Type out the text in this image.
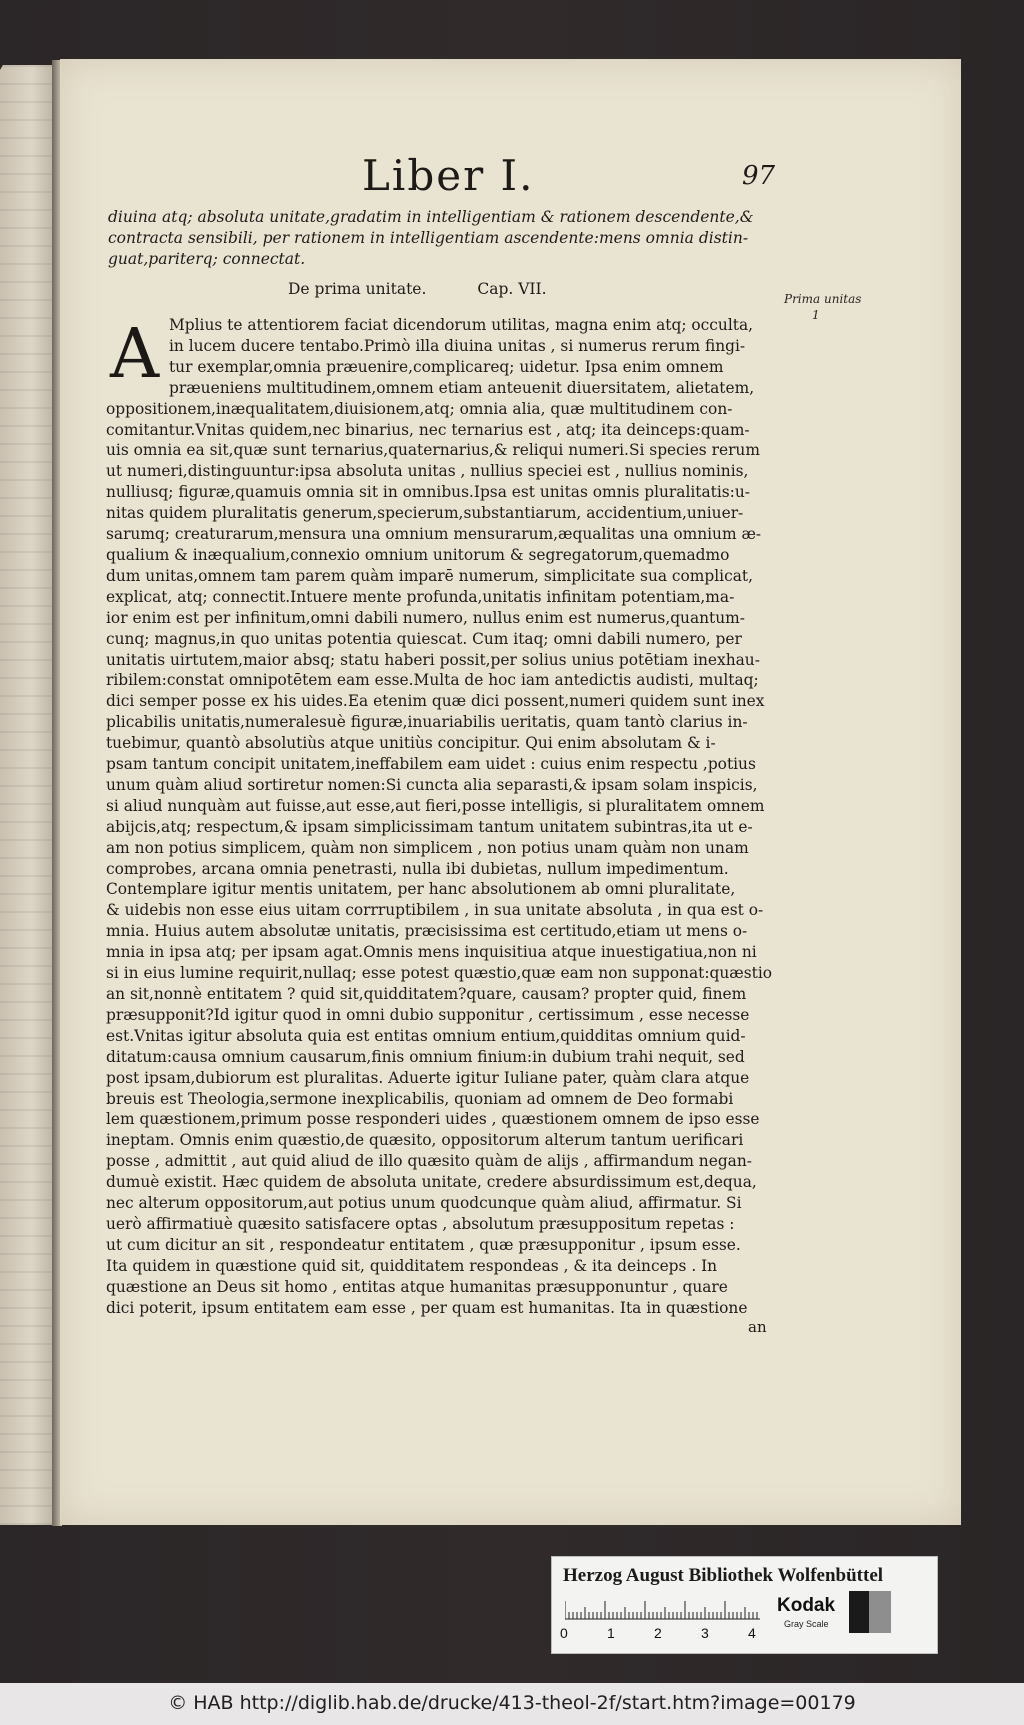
Liber I.	97
diuina atq; absoluta unitate,gradatim in intelligentiam & rationem descendente,&
contracta sensibili, per rationem in intelligentiam ascendente:mens omnia distin-
guat,pariterq; connectat.
De prima unitate.	Cap. VII.
Prima unitas
1
A Mplius te attentiorem faciat dicendorum utilitas, magna enim atq; occulta,
in lucem ducere tentabo.Primò illa diuina unitas , si numerus rerum fingi-
tur exemplar,omnia præuenire,complicareq; uidetur. Ipsa enim omnem
præueniens multitudinem,omnem etiam anteuenit diuersitatem, alietatem,
oppositionem,inæqualitatem,diuisionem,atq; omnia alia, quæ multitudinem con-
comitantur.Vnitas quidem,nec binarius, nec ternarius est , atq; ita deinceps:quam-
uis omnia ea sit,quæ sunt ternarius,quaternarius,& reliqui numeri.Si species rerum
ut numeri,distinguuntur:ipsa absoluta unitas , nullius speciei est , nullius nominis,
nulliusq; figuræ,quamuis omnia sit in omnibus.Ipsa est unitas omnis pluralitatis:u-
nitas quidem pluralitatis generum,specierum,substantiarum, accidentium,uniuer-
sarumq; creaturarum,mensura una omnium mensurarum,æqualitas una omnium æ-
qualium & inæqualium,connexio omnium unitorum & segregatorum,quemadmo
dum unitas,omnem tam parem quàm imparē numerum, simplicitate sua complicat,
explicat, atq; connectit.Intuere mente profunda,unitatis infinitam potentiam,ma-
ior enim est per infinitum,omni dabili numero, nullus enim est numerus,quantum-
cunq; magnus,in quo unitas potentia quiescat. Cum itaq; omni dabili numero, per
unitatis uirtutem,maior absq; statu haberi possit,per solius unius potētiam inexhau-
ribilem:constat omnipotētem eam esse.Multa de hoc iam antedictis audisti, multaq;
dici semper posse ex his uides.Ea etenim quæ dici possent,numeri quidem sunt inex
plicabilis unitatis,numeralesuè figuræ,inuariabilis ueritatis, quam tantò clarius in-
tuebimur, quantò absolutiùs atque unitiùs concipitur. Qui enim absolutam & i-
psam tantum concipit unitatem,ineffabilem eam uidet : cuius enim respectu ,potius
unum quàm aliud sortiretur nomen:Si cuncta alia separasti,& ipsam solam inspicis,
si aliud nunquàm aut fuisse,aut esse,aut fieri,posse intelligis, si pluralitatem omnem
abijcis,atq; respectum,& ipsam simplicissimam tantum unitatem subintras,ita ut e-
am non potius simplicem, quàm non simplicem , non potius unam quàm non unam
comprobes, arcana omnia penetrasti, nulla ibi dubietas, nullum impedimentum.
Contemplare igitur mentis unitatem, per hanc absolutionem ab omni pluralitate,
& uidebis non esse eius uitam corrruptibilem , in sua unitate absoluta , in qua est o-
mnia. Huius autem absolutæ unitatis, præcisissima est certitudo,etiam ut mens o-
mnia in ipsa atq; per ipsam agat.Omnis mens inquisitiua atque inuestigatiua,non ni
si in eius lumine requirit,nullaq; esse potest quæstio,quæ eam non supponat:quæstio
an sit,nonnè entitatem ? quid sit,quidditatem?quare, causam? propter quid, finem
præsupponit?Id igitur quod in omni dubio supponitur , certissimum , esse necesse
est.Vnitas igitur absoluta quia est entitas omnium entium,quidditas omnium quid-
ditatum:causa omnium causarum,finis omnium finium:in dubium trahi nequit, sed
post ipsam,dubiorum est pluralitas. Aduerte igitur Iuliane pater, quàm clara atque
breuis est Theologia,sermone inexplicabilis, quoniam ad omnem de Deo formabi
lem quæstionem,primum posse responderi uides , quæstionem omnem de ipso esse
ineptam. Omnis enim quæstio,de quæsito, oppositorum alterum tantum uerificari
posse , admittit , aut quid aliud de illo quæsito quàm de alijs , affirmandum negan-
dumuè existit. Hæc quidem de absoluta unitate, credere absurdissimum est,dequa,
nec alterum oppositorum,aut potius unum quodcunque quàm aliud, affirmatur. Si
uerò affirmatiuè quæsito satisfacere optas , absolutum præsuppositum repetas :
ut cum dicitur an sit , respondeatur entitatem , quæ præsupponitur , ipsum esse.
Ita quidem in quæstione quid sit, quidditatem respondeas , & ita deinceps . In
quæstione an Deus sit homo , entitas atque humanitas præsupponuntur , quare
dici poterit, ipsum entitatem eam esse , per quam est humanitas. Ita in quæstione
an
Herzog August Bibliothek Wolfenbüttel
0	1	2	3	4
Kodak
Gray Scale
© HAB http://diglib.hab.de/drucke/413-theol-2f/start.htm?image=00179
